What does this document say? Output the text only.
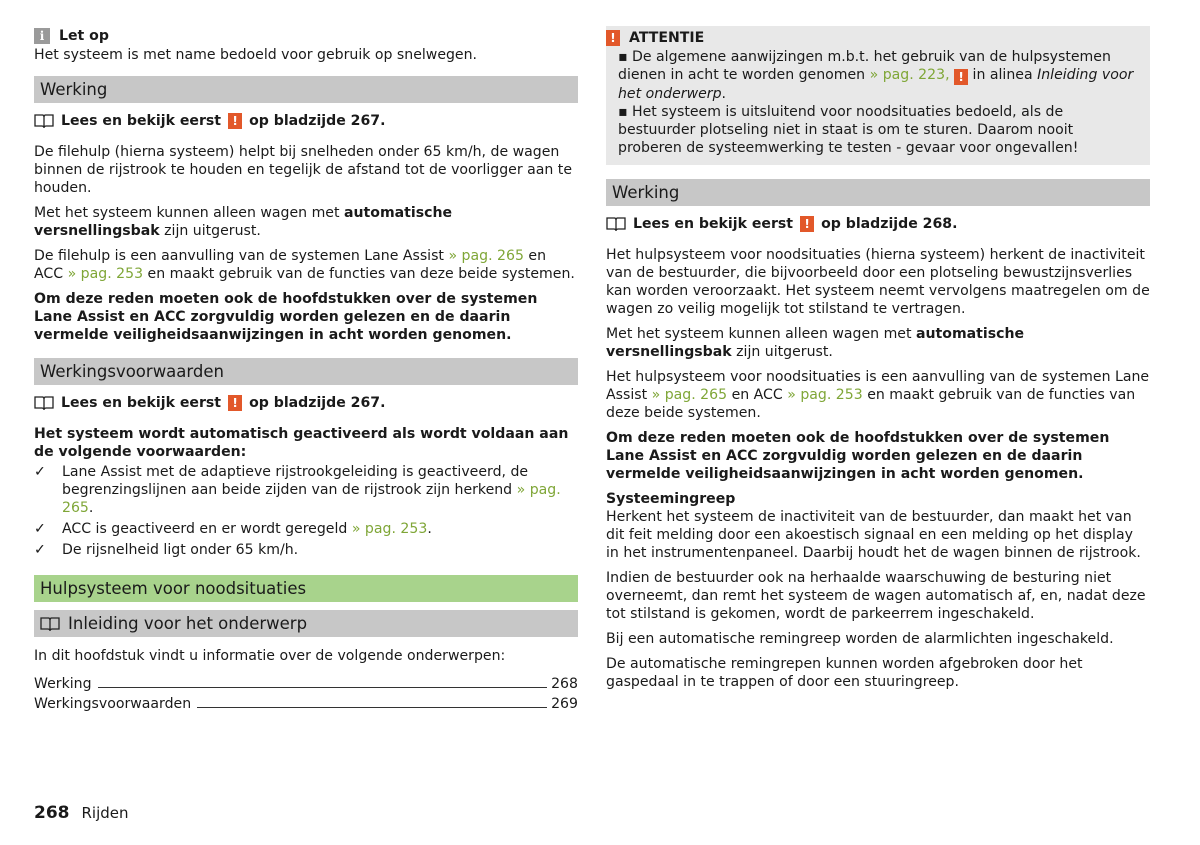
i	Let op

Het systeem is met name bedoeld voor gebruik op snelwegen.

Werking
Lees en bekijk eerst ! op bladzijde 267.

De filehulp (hierna systeem) helpt bij snelheden onder 65 km/h, de wagen binnen de rijstrook te houden en tegelijk de afstand tot de voorligger aan te houden.

Met het systeem kunnen alleen wagen met automatische versnellingsbak zijn uitgerust.

De filehulp is een aanvulling van de systemen Lane Assist » pag. 265 en ACC » pag. 253 en maakt gebruik van de functies van deze beide systemen.

Om deze reden moeten ook de hoofdstukken over de systemen Lane Assist en ACC zorgvuldig worden gelezen en de daarin vermelde veiligheidsaanwijzingen in acht worden genomen.

Werkingsvoorwaarden
Lees en bekijk eerst ! op bladzijde 267.

Het systeem wordt automatisch geactiveerd als wordt voldaan aan de volgende voorwaarden:

✓ Lane Assist met de adaptieve rijstrookgeleiding is geactiveerd, de begrenzingslijnen aan beide zijden van de rijstrook zijn herkend » pag. 265.
✓ ACC is geactiveerd en er wordt geregeld » pag. 253.
✓ De rijsnelheid ligt onder 65 km/h.
Hulpsysteem voor noodsituaties
Inleiding voor het onderwerp

In dit hoofdstuk vindt u informatie over de volgende onderwerpen:

Werking	268
Werkingsvoorwaarden	269
! ATTENTIE

▪ De algemene aanwijzingen m.b.t. het gebruik van de hulpsystemen dienen in acht te worden genomen » pag. 223, ! in alinea Inleiding voor het onderwerp.

▪ Het systeem is uitsluitend voor noodsituaties bedoeld, als de bestuurder plotseling niet in staat is om te sturen. Daarom nooit proberen de systeemwerking te testen - gevaar voor ongevallen!

Werking
Lees en bekijk eerst ! op bladzijde 268.

Het hulpsysteem voor noodsituaties (hierna systeem) herkent de inactiviteit van de bestuurder, die bijvoorbeeld door een plotseling bewustzijnsverlies kan worden veroorzaakt. Het systeem neemt vervolgens maatregelen om de wagen zo veilig mogelijk tot stilstand te vertragen.

Met het systeem kunnen alleen wagen met automatische versnellingsbak zijn uitgerust.

Het hulpsysteem voor noodsituaties is een aanvulling van de systemen Lane Assist » pag. 265 en ACC » pag. 253 en maakt gebruik van de functies van deze beide systemen.

Om deze reden moeten ook de hoofdstukken over de systemen Lane Assist en ACC zorgvuldig worden gelezen en de daarin vermelde veiligheidsaanwijzingen in acht worden genomen.

Systeemingreep

Herkent het systeem de inactiviteit van de bestuurder, dan maakt het van dit feit melding door een akoestisch signaal en een melding op het display in het instrumentenpaneel. Daarbij houdt het de wagen binnen de rijstrook.

Indien de bestuurder ook na herhaalde waarschuwing de besturing niet overneemt, dan remt het systeem de wagen automatisch af, en, nadat deze tot stilstand is gekomen, wordt de parkeerrem ingeschakeld.

Bij een automatische remingreep worden de alarmlichten ingeschakeld.

De automatische remingrepen kunnen worden afgebroken door het gaspedaal in te trappen of door een stuuringreep.

268 Rijden
